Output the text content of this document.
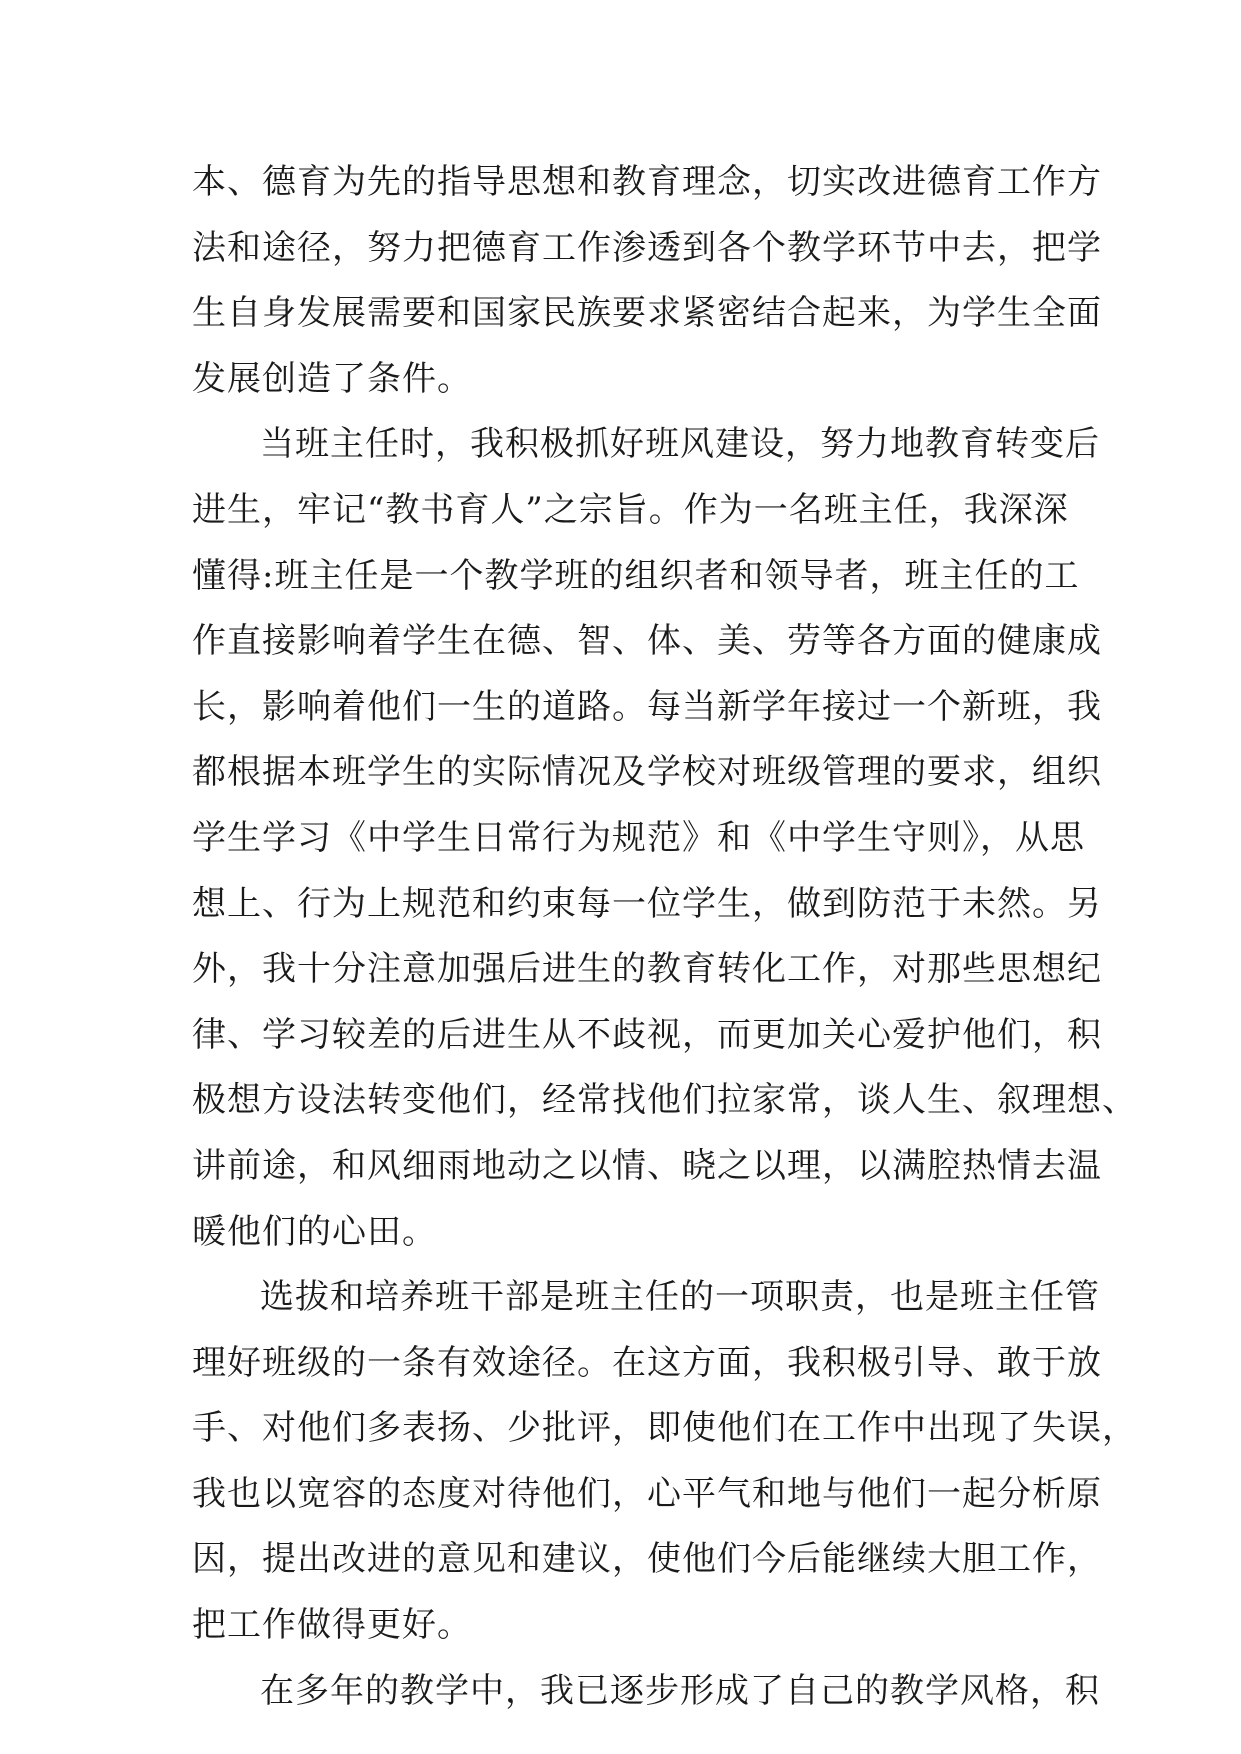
本、德育为先的指导思想和教育理念，切实改进德育工作方
法和途径，努力把德育工作渗透到各个教学环节中去，把学
生自身发展需要和国家民族要求紧密结合起来，为学生全面
发展创造了条件。
当班主任时，我积极抓好班风建设，努力地教育转变后
进生，牢记“教书育人”之宗旨。作为一名班主任，我深深
懂得:班主任是一个教学班的组织者和领导者，班主任的工
作直接影响着学生在德、智、体、美、劳等各方面的健康成
长，影响着他们一生的道路。每当新学年接过一个新班，我
都根据本班学生的实际情况及学校对班级管理的要求，组织
学生学习《中学生日常行为规范》和《中学生守则》，从思
想上、行为上规范和约束每一位学生，做到防范于未然。另
外，我十分注意加强后进生的教育转化工作，对那些思想纪
律、学习较差的后进生从不歧视，而更加关心爱护他们，积
极想方设法转变他们，经常找他们拉家常，谈人生、叙理想、
讲前途，和风细雨地动之以情、晓之以理，以满腔热情去温
暖他们的心田。
选拔和培养班干部是班主任的一项职责，也是班主任管
理好班级的一条有效途径。在这方面，我积极引导、敢于放
手、对他们多表扬、少批评，即使他们在工作中出现了失误，
我也以宽容的态度对待他们，心平气和地与他们一起分析原
因，提出改进的意见和建议，使他们今后能继续大胆工作，
把工作做得更好。
在多年的教学中，我已逐步形成了自己的教学风格，积
